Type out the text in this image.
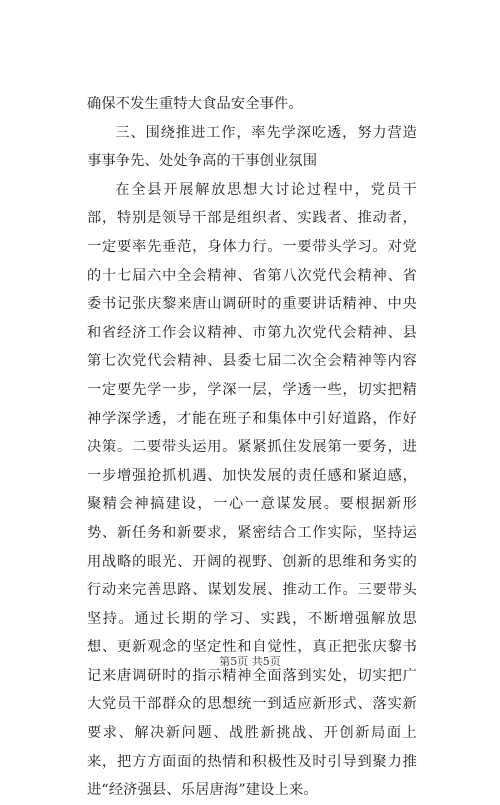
确保不发生重特大食品安全事件。

三、围绕推进工作，率先学深吃透，努力营造事事争先、处处争高的干事创业氛围

在全县开展解放思想大讨论过程中，党员干部，特别是领导干部是组织者、实践者、推动者，一定要率先垂范，身体力行。一要带头学习。对党的十七届六中全会精神、省第八次党代会精神、省委书记张庆黎来唐山调研时的重要讲话精神、中央和省经济工作会议精神、市第九次党代会精神、县第七次党代会精神、县委七届二次全会精神等内容一定要先学一步，学深一层，学透一些，切实把精神学深学透，才能在班子和集体中引好道路，作好决策。二要带头运用。紧紧抓住发展第一要务，进一步增强抢抓机遇、加快发展的责任感和紧迫感，聚精会神搞建设，一心一意谋发展。要根据新形势、新任务和新要求，紧密结合工作实际，坚持运用战略的眼光、开阔的视野、创新的思维和务实的行动来完善思路、谋划发展、推动工作。三要带头坚持。通过长期的学习、实践，不断增强解放思想、更新观念的坚定性和自觉性，真正把张庆黎书记来唐调研时的指示精神全面落到实处，切实把广大党员干部群众的思想统一到适应新形式、落实新要求、解决新问题、战胜新挑战、开创新局面上来，把方方面面的热情和积极性及时引导到聚力推进“经济强县、乐居唐海”建设上来。

第5页 共5页
